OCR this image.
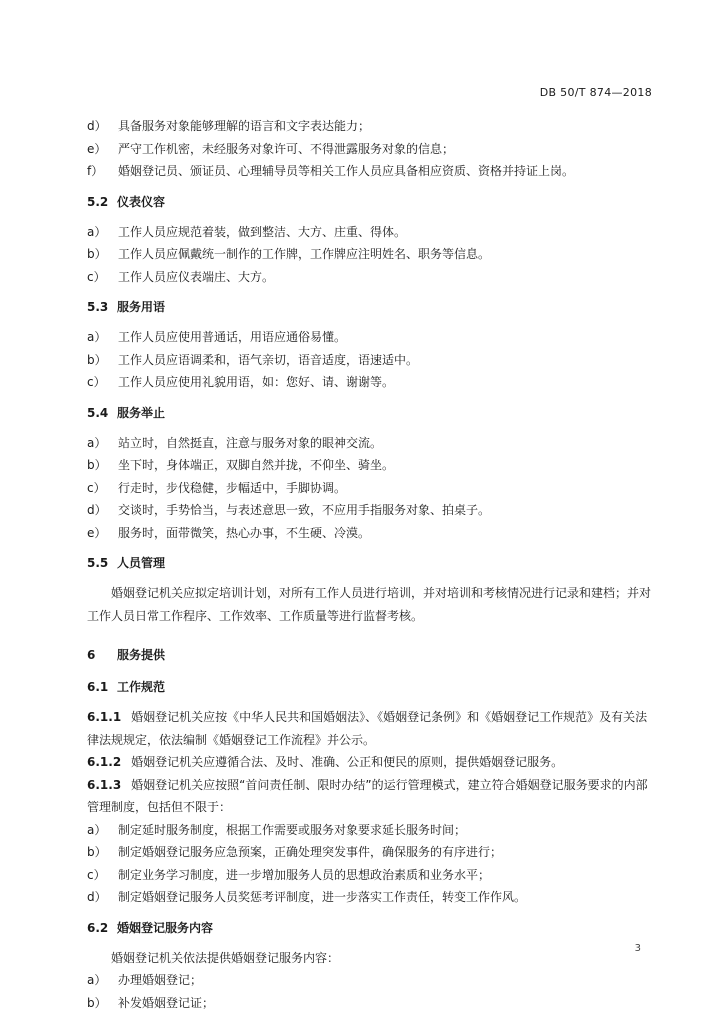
DB 50/T 874—2018
d） 具备服务对象能够理解的语言和文字表达能力；
e） 严守工作机密，未经服务对象许可、不得泄露服务对象的信息；
f）	婚姻登记员、颁证员、心理辅导员等相关工作人员应具备相应资质、资格并持证上岗。
5.2 仪表仪容
a） 工作人员应规范着装，做到整洁、大方、庄重、得体。
b） 工作人员应佩戴统一制作的工作牌，工作牌应注明姓名、职务等信息。
c）	工作人员应仪表端庄、大方。
5.3 服务用语
a） 工作人员应使用普通话，用语应通俗易懂。
b） 工作人员应语调柔和，语气亲切，语音适度，语速适中。
c）	工作人员应使用礼貌用语，如：您好、请、谢谢等。
5.4 服务举止
a） 站立时，自然挺直，注意与服务对象的眼神交流。
b） 坐下时，身体端正，双脚自然并拢，不仰坐、骑坐。
c）	行走时，步伐稳健，步幅适中，手脚协调。
d） 交谈时，手势恰当，与表述意思一致，不应用手指服务对象、拍桌子。
e） 服务时，面带微笑，热心办事，不生硬、冷漠。
5.5 人员管理
婚姻登记机关应拟定培训计划，对所有工作人员进行培训，并对培训和考核情况进行记录和建档；并对工作人员日常工作程序、工作效率、工作质量等进行监督考核。
6 服务提供
6.1 工作规范
6.1.1 婚姻登记机关应按《中华人民共和国婚姻法》、《婚姻登记条例》和《婚姻登记工作规范》及有关法律法规规定，依法编制《婚姻登记工作流程》并公示。
6.1.2 婚姻登记机关应遵循合法、及时、准确、公正和便民的原则，提供婚姻登记服务。
6.1.3 婚姻登记机关应按照“首问责任制、限时办结”的运行管理模式，建立符合婚姻登记服务要求的内部管理制度，包括但不限于：
a） 制定延时服务制度，根据工作需要或服务对象要求延长服务时间；
b） 制定婚姻登记服务应急预案，正确处理突发事件，确保服务的有序进行；
c）	制定业务学习制度，进一步增加服务人员的思想政治素质和业务水平；
d） 制定婚姻登记服务人员奖惩考评制度，进一步落实工作责任，转变工作作风。
6.2 婚姻登记服务内容
婚姻登记机关依法提供婚姻登记服务内容：
a） 办理婚姻登记；
b） 补发婚姻登记证；
3
